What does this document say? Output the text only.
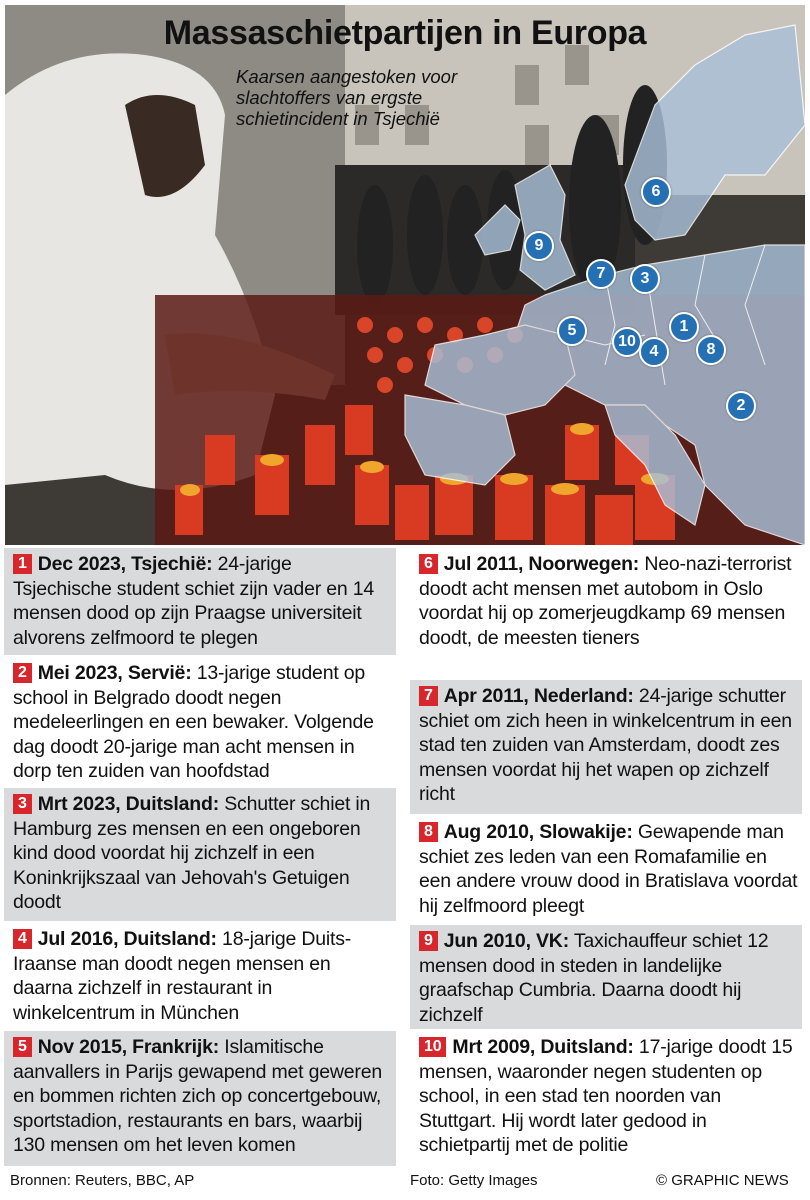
1
2
3
4
5
6
7
8
9
10
Massaschietpartijen in Europa
Kaarsen aangestoken voor slachtoffers van ergste schietincident in Tsjechië
1 Dec 2023, Tsjechië: 24-jarige Tsjechische student schiet zijn vader en 14 mensen dood op zijn Praagse universiteit alvorens zelfmoord te plegen
2 Mei 2023, Servië: 13-jarige student op school in Belgrado doodt negen medeleerlingen en een bewaker. Volgende dag doodt 20-jarige man acht mensen in dorp ten zuiden van hoofdstad
3 Mrt 2023, Duitsland: Schutter schiet in Hamburg zes mensen en een ongeboren kind dood voordat hij zichzelf in een Koninkrijkszaal van Jehovah's Getuigen doodt
4 Jul 2016, Duitsland: 18-jarige Duits-Iraanse man doodt negen mensen en daarna zichzelf in restaurant in winkelcentrum in München
5 Nov 2015, Frankrijk: Islamitische aanvallers in Parijs gewapend met geweren en bommen richten zich op concertgebouw, sportstadion, restaurants en bars, waarbij 130 mensen om het leven komen
6 Jul 2011, Noorwegen: Neo-nazi-terrorist doodt acht mensen met autobom in Oslo voordat hij op zomerjeugdkamp 69 mensen doodt, de meesten tieners
7 Apr 2011, Nederland: 24-jarige schutter schiet om zich heen in winkelcentrum in een stad ten zuiden van Amsterdam, doodt zes mensen voordat hij het wapen op zichzelf richt
8 Aug 2010, Slowakije: Gewapende man schiet zes leden van een Romafamilie en een andere vrouw dood in Bratislava voordat hij zelfmoord pleegt
9 Jun 2010, VK: Taxichauffeur schiet 12 mensen dood in steden in landelijke graafschap Cumbria. Daarna doodt hij zichzelf
10 Mrt 2009, Duitsland: 17-jarige doodt 15 mensen, waaronder negen studenten op school, in een stad ten noorden van Stuttgart. Hij wordt later gedood in schietpartij met de politie
Bronnen: Reuters, BBC, AP	Foto: Getty Images	© GRAPHIC NEWS
